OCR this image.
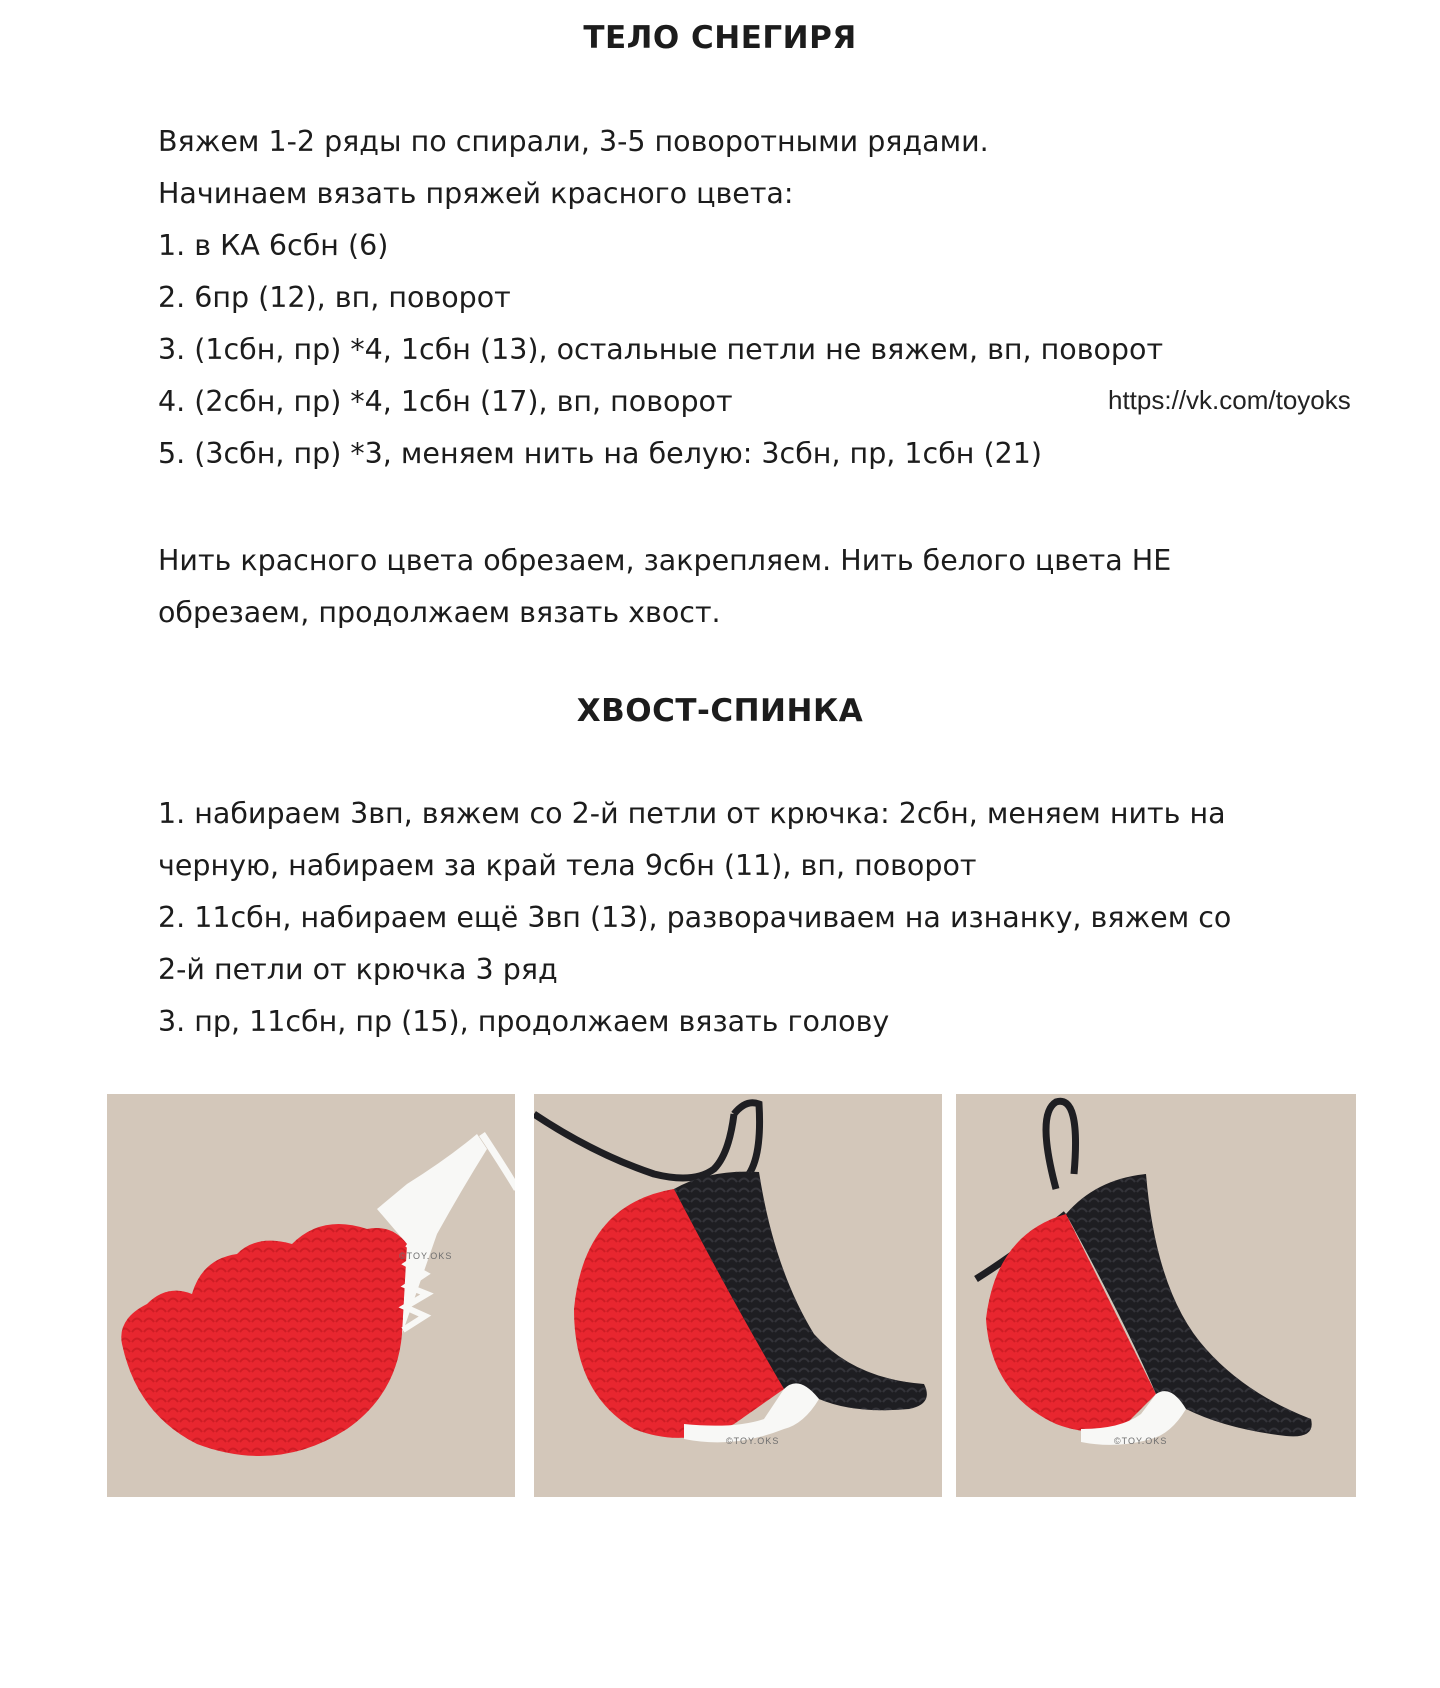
ТЕЛО СНЕГИРЯ
Вяжем 1-2 ряды по спирали, 3-5 поворотными рядами.
Начинаем вязать пряжей красного цвета:
1. в КА 6сбн (6)
2. 6пр (12), вп, поворот
3. (1сбн, пр) *4, 1сбн (13), остальные петли не вяжем, вп, поворот
4. (2сбн, пр) *4, 1сбн (17), вп, поворот
5. (3сбн, пр) *3, меняем нить на белую: 3сбн, пр, 1сбн (21)
https://vk.com/toyoks
Нить красного цвета обрезаем, закрепляем. Нить белого цвета НЕ
обрезаем, продолжаем вязать хвост.
ХВОСТ-СПИНКА
1. набираем 3вп, вяжем со 2-й петли от крючка: 2сбн, меняем нить на
черную, набираем за край тела 9сбн (11), вп, поворот
2. 11сбн, набираем ещё 3вп (13), разворачиваем на изнанку, вяжем со
2-й петли от крючка 3 ряд
3. пр, 11сбн, пр (15), продолжаем вязать голову
©TOY.OKS
©TOY.OKS	©TOY.OKS
